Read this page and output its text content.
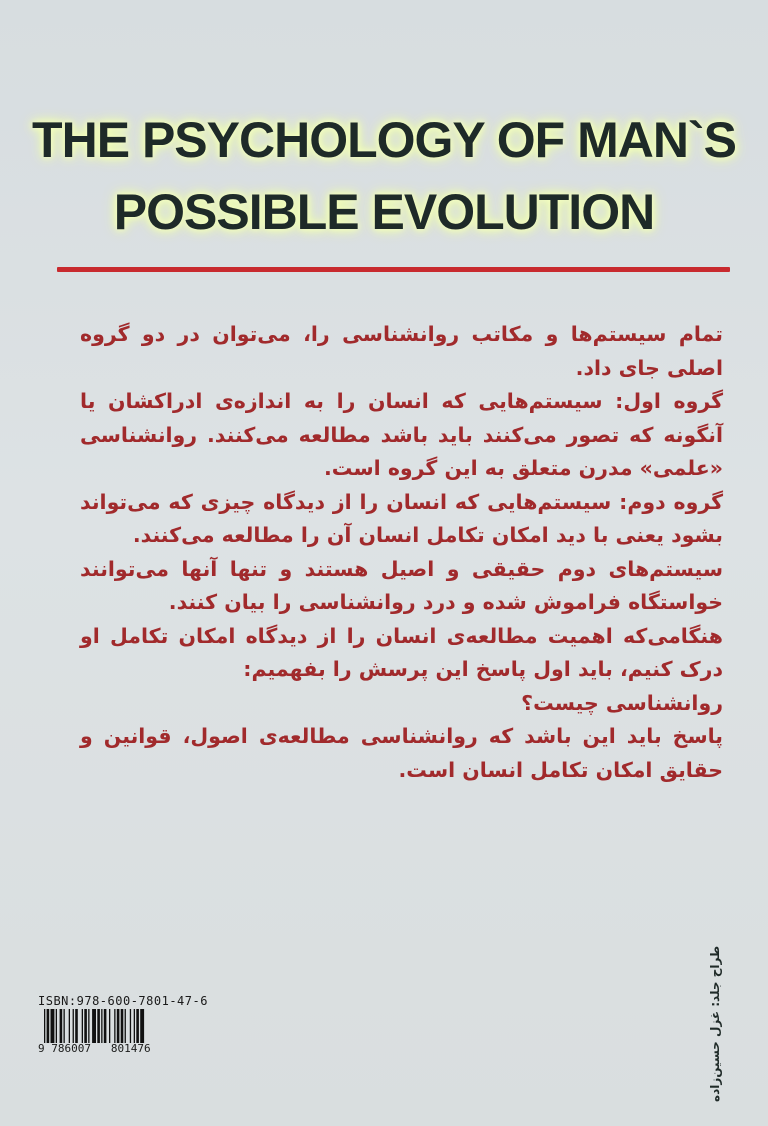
THE PSYCHOLOGY OF MAN`S
POSSIBLE EVOLUTION

تمام سیستم‌ها و مکاتب روانشناسی را، می‌توان در دو گروه اصلی جای داد.

گروه اول: سیستم‌هایی که انسان را به اندازه‌ی ادراکشان یا آنگونه که تصور می‌کنند باید باشد مطالعه می‌کنند. روانشناسی «علمی» مدرن متعلق به این گروه است.

گروه دوم: سیستم‌هایی که انسان را از دیدگاه چیزی که می‌تواند بشود یعنی با دید امکان تکامل انسان آن را مطالعه می‌کنند.

سیستم‌های دوم حقیقی و اصیل هستند و تنها آنها می‌توانند خواستگاه فراموش شده و درد روانشناسی را بیان کنند.

هنگامی‌که اهمیت مطالعه‌ی انسان را از دیدگاه امکان تکامل او درک کنیم، باید اول پاسخ این پرسش را بفهمیم:

روانشناسی چیست؟

پاسخ باید این باشد که روانشناسی مطالعه‌ی اصول، قوانین و حقایق امکان تکامل انسان است.

طراح جلد: غزل حسین‌زاده
ISBN:978-600-7801-47-6
9 786007   801476
